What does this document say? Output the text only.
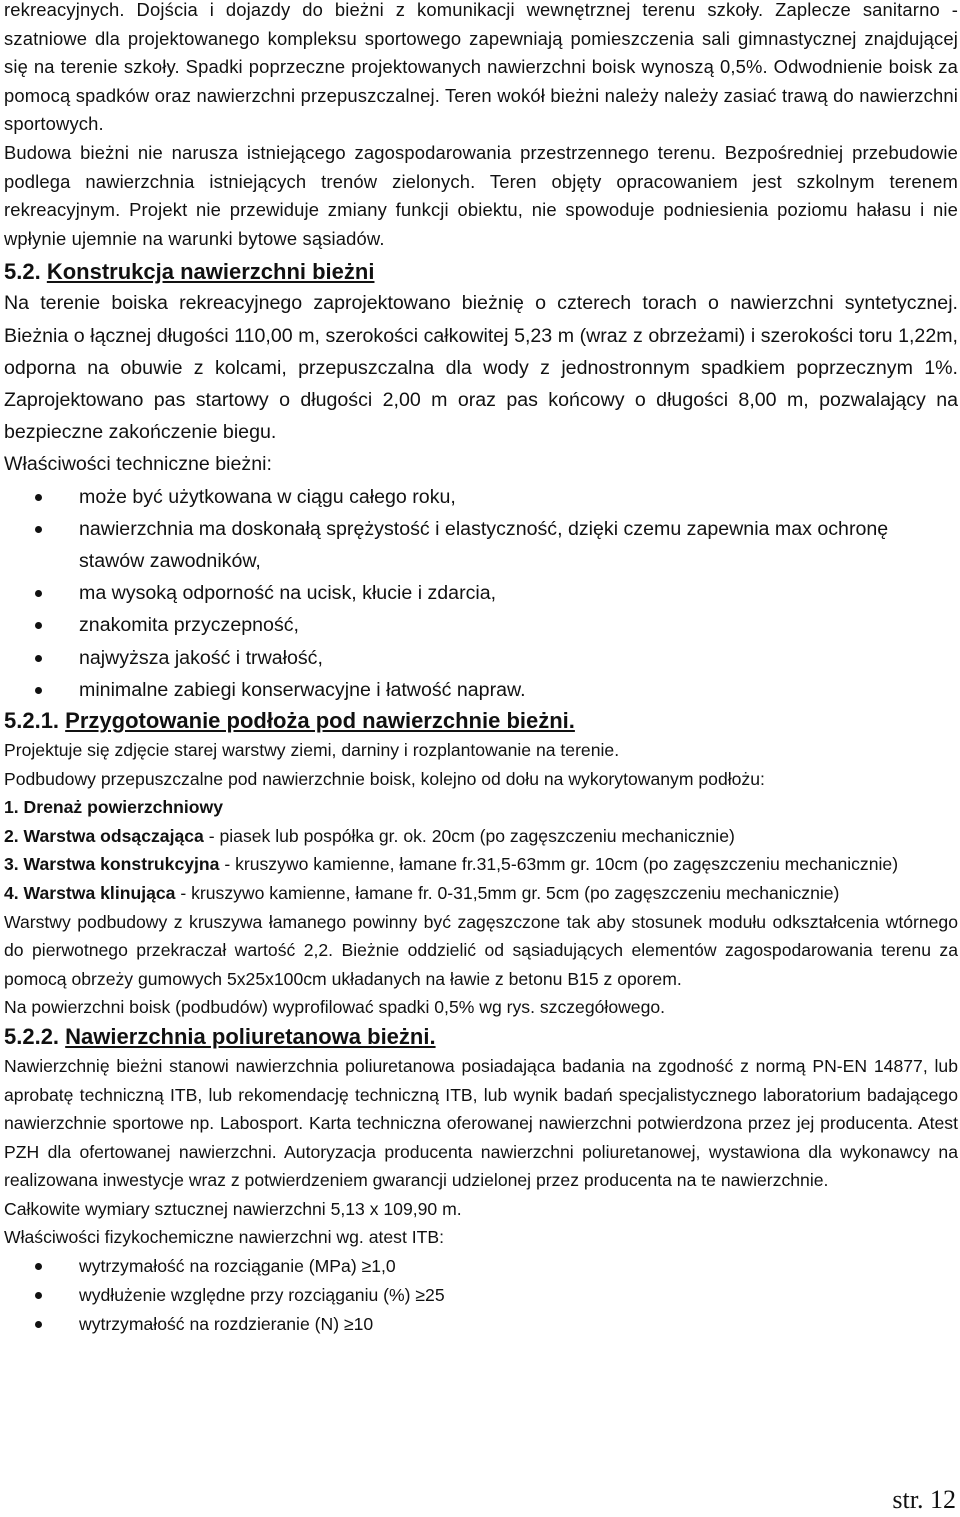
rekreacyjnych. Dojścia i dojazdy do bieżni z komunikacji wewnętrznej terenu szkoły. Zaplecze sanitarno - szatniowe dla projektowanego kompleksu sportowego zapewniają pomieszczenia sali gimnastycznej znajdującej się na terenie szkoły. Spadki poprzeczne projektowanych nawierzchni boisk wynoszą 0,5%. Odwodnienie boisk za pomocą spadków oraz nawierzchni przepuszczalnej. Teren wokół bieżni należy należy zasiać trawą do nawierzchni sportowych.

Budowa bieżni nie narusza istniejącego zagospodarowania przestrzennego terenu. Bezpośredniej przebudowie podlega nawierzchnia istniejących trenów zielonych. Teren objęty opracowaniem jest szkolnym terenem rekreacyjnym. Projekt nie przewiduje zmiany funkcji obiektu, nie spowoduje podniesienia poziomu hałasu i nie wpłynie ujemnie na warunki bytowe sąsiadów.

5.2. Konstrukcja nawierzchni bieżni

Na terenie boiska rekreacyjnego zaprojektowano bieżnię o czterech torach o nawierzchni syntetycznej. Bieżnia o łącznej długości 110,00 m, szerokości całkowitej 5,23 m (wraz z obrzeżami) i szerokości toru 1,22m, odporna na obuwie z kolcami, przepuszczalna dla wody z jednostronnym spadkiem poprzecznym 1%. Zaprojektowano pas startowy o długości 2,00 m oraz pas końcowy o długości 8,00 m, pozwalający na bezpieczne zakończenie biegu.

Właściwości techniczne bieżni:

może być użytkowana w ciągu całego roku,
nawierzchnia ma doskonałą sprężystość i elastyczność, dzięki czemu zapewnia max ochronę stawów zawodników,
ma wysoką odporność na ucisk, kłucie i zdarcia,
znakomita przyczepność,
najwyższa jakość i trwałość,
minimalne zabiegi konserwacyjne i łatwość napraw.
5.2.1. Przygotowanie podłoża pod nawierzchnie bieżni.

Projektuje się zdjęcie starej warstwy ziemi, darniny i rozplantowanie na terenie.

Podbudowy przepuszczalne pod nawierzchnie boisk, kolejno od dołu na wykorytowanym podłożu:

1. Drenaż powierzchniowy

2. Warstwa odsączająca - piasek lub pospółka gr. ok. 20cm (po zagęszczeniu mechanicznie)

3. Warstwa konstrukcyjna - kruszywo kamienne, łamane fr.31,5-63mm gr. 10cm (po zagęszczeniu mechanicznie)

4. Warstwa klinująca - kruszywo kamienne, łamane fr. 0-31,5mm gr. 5cm (po zagęszczeniu mechanicznie)

Warstwy podbudowy z kruszywa łamanego powinny być zagęszczone tak aby stosunek modułu odkształcenia wtórnego do pierwotnego przekraczał wartość 2,2. Bieżnie oddzielić od sąsiadujących elementów zagospodarowania terenu za pomocą obrzeży gumowych 5x25x100cm układanych na ławie z betonu B15 z oporem.

Na powierzchni boisk (podbudów) wyprofilować spadki 0,5% wg rys. szczegółowego.

5.2.2. Nawierzchnia poliuretanowa bieżni.

Nawierzchnię bieżni stanowi nawierzchnia poliuretanowa posiadająca badania na zgodność z normą PN-EN 14877, lub aprobatę techniczną ITB, lub rekomendację techniczną ITB, lub wynik badań specjalistycznego laboratorium badającego nawierzchnie sportowe np. Labosport. Karta techniczna oferowanej nawierzchni potwierdzona przez jej producenta. Atest PZH dla ofertowanej nawierzchni. Autoryzacja producenta nawierzchni poliuretanowej, wystawiona dla wykonawcy na realizowana inwestycje wraz z potwierdzeniem gwarancji udzielonej przez producenta na te nawierzchnie.

Całkowite wymiary sztucznej nawierzchni 5,13 x 109,90 m.

Właściwości fizykochemiczne nawierzchni wg. atest ITB:

wytrzymałość na rozciąganie (MPa) ≥1,0
wydłużenie względne przy rozciąganiu (%) ≥25
wytrzymałość na rozdzieranie (N) ≥10
str. 12
